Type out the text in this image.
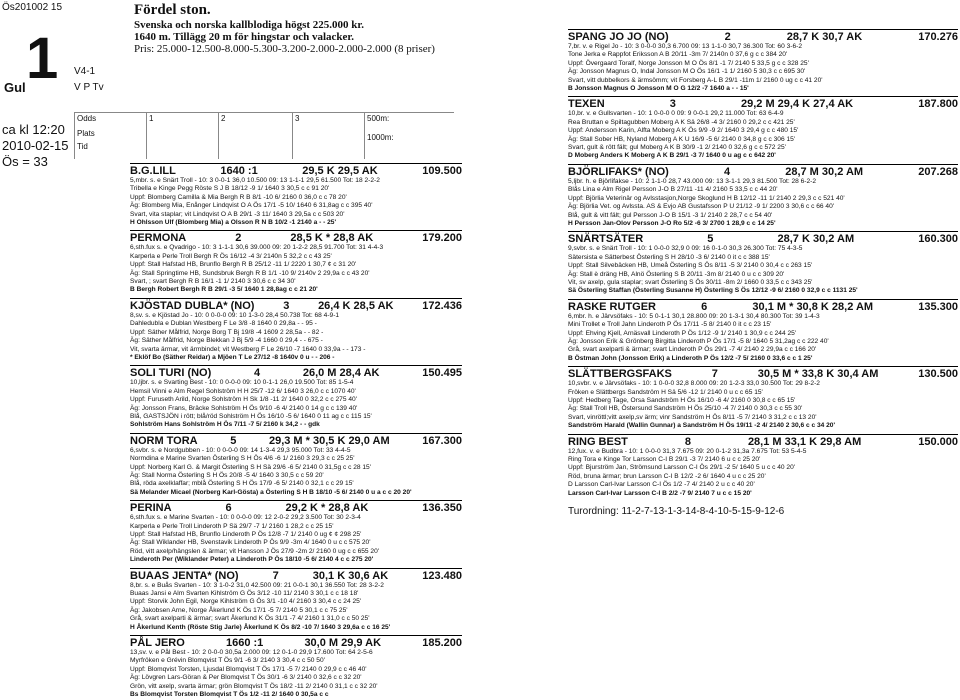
Ös201002 15
1
Gul
V4-1
V P Tv
ca kl 12:20
2010-02-15
Ös = 33
Fördel ston.
Svenska och norska kallblodiga högst 225.000 kr.
1640 m. Tillägg 20 m för hingstar och valacker.
Pris: 25.000-12.500-8.000-5.300-3.200-2.000-2.000-2.000 (8 priser)
Odds
Plats
Tid
1	2	3	500m:
1000m:
B.G.LILL	1640 :1	29,5 K 29,5 AK	109.500
5,mbr. s. e Snärt Troll - 10: 3 0-0-1 36,0 10.500 09: 13 1-1-1 29,5 61.500 Tot: 18 2-2-2
Tribella e Kinge Pegg Röste S J B 18/12 -9 1/ 1640 3 30,5 c c 91 20'
Uppf: Blomberg Camilla & Mia Bergh R B 8/1 -10 6/ 2160 0 36,0 c c 78 20'
Äg: Blomberg Mia, Enånger Lindqvist O A Ös 17/1 -5 10/ 1640 6 31,8ag c c 395 40'
Svart, vita staplar; vit Lindqvist O A B 29/1 -3 11/ 1640 3 29,5a c c 503 20'
H Ohlsson Ulf (Blomberg Mia) a Olsson R N B 10/2 -1 2140 a - - 25'
PERMONA	2	28,5 K * 28,8 AK	179.200
6,sth.fux s. e Qvadrigo - 10: 3 1-1-1 30,6 39.000 09: 20 1-2-2 28,5 91.700 Tot: 31 4-4-3
Karperla e Perle Troll Bergh R Ös 16/12 -4 3/ 2140n 5 32,2 c c 43 25'
Uppf: Stall Hafstad HB, Brunflo Bergh R B 25/12 -11 1/ 2220 1 30,7 ¢ c 31 20'
Äg: Stall Springtime HB, Sundsbruk Bergh R B 1/1 -10 9/ 2140v 2 29,9a c c 43 20'
Svart, ; svart Bergh R B 16/1 -1 1/ 2140 3 30,6 c c 34 30'
B Bergh Robert Bergh R B 29/1 -3 5/ 1640 1 28,8ag c c 21 20'
KJÖSTAD DUBLA* (NO)	3	26,4 K 28,5 AK	172.436
8,sv. s. e Kjöstad Jo - 10: 0 0-0-0 09: 10 1-3-0 28,4 50.738 Tot: 68 4-9-1
Dahledubla e Dublan Westberg F Le 3/8 -8 1640 0 29,8a - - 95 -
Uppf: Säther Målfrid, Norge Borg T Bj 19/8 -4 1609 2 28,5a - - 82 -
Äg: Säther Målfrid, Norge Blekkan J Bj 5/9 -4 1660 0 29,4 - - 675 -
Vit, svarta ärmar, vit ärmbindel; vit Westberg F Le 26/10 -7 1640 0 33,9a - - 173 -
* Eklöf Bo (Säther Reidar) a Mjöen T Le 27/12 -8 1640v 0 u - - 206 -
SOLI TURI (NO)	4	26,0 M 28,4 AK	150.495
10,ljbr. s. e Svarting Best - 10: 0 0-0-0 09: 10 0-1-1 26,0 19.500 Tot: 85 1-5-4
Hemsil Vinni e Alm Regel Sohlström H H 25/7 -12 6/ 1640 3 26,0 c c 1070 40'
Uppf: Furuseth Arild, Norge Sohlström H Sk 1/8 -11 2/ 1640 0 32,2 c c 275 40'
Äg: Jonsson Frans, Bräcke Sohlström H Ös 9/10 -6 4/ 2140 0 14 g c c 139 40'
Blå, GASTSJÖN i rött; blå/röd Sohlström H Ös 16/10 -5 6/ 1640 0 11 ag c c 115 15'
Sohlström Hans Sohlström H Ös 7/11 -7 5/ 2160 k 34,2 - - gdk
NORM TORA	5	29,3 M * 30,5 K 29,0 AM	167.300
6,svbr. s. e Nordgubben - 10: 0 0-0-0 09: 14 1-3-4 29,3 95.000 Tot: 33 4-4-5
Normdina e Marine Svarten Österling S H Ös 4/6 -6 1/ 2160 3 29,3 c c 25 25'
Uppf: Norberg Karl G. & Margit Österling S H Sä 29/6 -6 5/ 2140 0 31,5g c c 28 15'
Äg: Stall Norma Österling S H Ös 20/8 -5 4/ 1640 3 30,5 c c 59 20'
Blå, röda axelklaffar; mblå Österling S H Ös 17/9 -6 5/ 2140 0 32,1 c c 29 15'
Sä Melander Micael (Norberg Karl-Gösta) a Österling S H B 18/10 -5 6/ 2140 0 u a c c 20 20'
PERINA	6	29,2 K * 28,8 AK	136.350
6,sth.fux s. e Marine Svarten - 10: 0 0-0-0 09: 12 2-0-2 29,2 3.500 Tot: 30 2-3-4
Karperla e Perle Troll Linderoth P Sä 29/7 -7 1/ 2160 1 28,2 c c 25 15'
Uppf: Stall Hafstad HB, Brunflo Linderoth P Ös 12/8 -7 1/ 2140 0 ug ¢ ¢ 298 25'
Äg: Stall Wiklander HB, Svenstavik Linderoth P Ös 9/9 -3m 4/ 1640 0 u c c 575 20'
Röd, vitt axelp/hängslen & ärmar; vit Hansson J Ös 27/9 -2m 2/ 2160 0 ug c c 655 20'
Linderoth Per (Wiklander Peter) a Linderoth P Ös 18/10 -5 6/ 2140 4 c c 275 20'
BUAAS JENTA* (NO)	7	30,1 K 30,6 AK	123.480
8,br. s. e Buås Svarten - 10: 3 1-0-2 31,0 42.500 09: 21 0-0-1 30,1 36.550 Tot: 28 3-2-2
Buaas Jansi e Alm Svarten Kihlström G Ös 3/12 -10 11/ 2140 3 30,1 c c 18 18'
Uppf: Storvik John Egil, Norge Kihlström G Ös 3/1 -10 4/ 2160 3 30,4 c c 24 25'
Äg: Jakobsen Arne, Norge Åkerlund K Ös 17/1 -5 7/ 2140 5 30,1 c c 75 25'
Grå, svart axelparti & ärmar; svart Åkerlund K Ös 31/1 -7 4/ 2160 1 31,0 c c 50 25'
H Åkerlund Kenth (Röste Stig Jarle) Åkerlund K Ös 8/2 -10 7/ 1640 3 29,6a c c 16 25'
PÅL JERO	1660 :1	30,0 M 29,9 AK	185.200
13,sv. v. e Pål Best - 10: 2 0-0-0 30,5a 2.000 09: 12 0-1-0 29,9 17.600 Tot: 64 2-5-6
Myrfröken e Grévin Blomqvist T Ös 9/1 -6 3/ 2140 3 30,4 c c 50 50'
Uppf: Blomqvist Torsten, Ljusdal Blomqvist T Ös 17/1 -5 7/ 2140 0 29,9 c c 46 40'
Äg: Lövgren Lars-Göran & Per Blomqvist T Ös 30/1 -6 3/ 2140 0 32,6 c c 32 20'
Grön, vitt axelp, svarta ärmar; grön Blomqvist T Ös 18/2 -11 2/ 2140 0 31,1 c c 32 20'
Bs Blomqvist Torsten Blomqvist T Ös 1/2 -11 2/ 1640 0 30,5a c c
SPANG JO JO (NO)	2	28,7 K 30,7 AK	170.276
7,br. v. e Rigel Jo - 10: 3 0-0-0 30,3 6.700 09: 13 1-1-0 30,7 36.300 Tot: 60 3-6-2
Tone Jerka e Rappfot Eriksson A B 20/11 -3m 7/ 2140n 0 37,6 g c c 384 20'
Uppf: Övergaard Toralf, Norge Jonsson M O Ös 8/1 -1 7/ 2140 5 33,5 g c c 328 25'
Äg: Jonsson Magnus O, Indal Jonsson M O Ös 16/1 -1 1/ 2160 5 30,3 c c 695 30'
Svart, vitt dubbelkors & ärmsömm; vit Forsberg A-L B 29/1 -11m 1/ 2160 0 ug c c 41 20'
B Jonsson Magnus O Jonsson M O G 12/2 -7 1640 a - - 15'
TEXEN	3	29,2 M 29,4 K 27,4 AK	187.800
10,br. v. e Gullsvarten - 10: 1 0-0-0 0 09: 9 0-0-1 29,2 11.000 Tot: 63 6-4-9
Rea Bruttan e Spiltagubben Moberg A K Sä 26/8 -4 3/ 2160 0 29,2 c c 421 25'
Uppf: Andersson Karin, Alfta Moberg A K Ös 9/9 -9 2/ 1640 3 29,4 g c c 480 15'
Äg: Stall Sober HB, Nyland Moberg A K U 16/9 -5 6/ 2140 0 34,8 g c c 306 15'
Svart, gult & rött fält; gul Moberg A K B 30/9 -1 2/ 2140 0 32,6 g c c 572 25'
D Moberg Anders K Moberg A K B 29/1 -3 7/ 1640 0 u ag c c 642 20'
BJÖRLIFAKS* (NO)	4	28,7 M 30,2 AM	207.268
5,ljbr. h. e Björlifakse - 10: 2 1-1-0 28,7 43.000 09: 13 3-1-1 29,3 81.500 Tot: 28 6-2-2
Blås Lina e Alm Rigel Persson J-O B 27/11 -11 4/ 2160 5 33,5 c c 44 20'
Uppf: Björlia Veterinär og Avlsstasjon,Norge Skoglund H B 12/12 -11 1/ 2140 2 29,3 c c 521 40'
Äg: Björlia Vet. og Avlssta. AS & Evjo AB Gustafsson P U 21/12 -9 1/ 2200 3 30,6 c c 66 40'
Blå, gult & vitt fält; gul Persson J-O B 15/1 -3 1/ 2140 2 28,7 c c 54 40'
H Persson Jan-Olov Persson J-O Ro 5/2 -6 3/ 2700 1 28,9 c c 14 25'
SNÄRTSÄTER	5	28,7 K 30,2 AM	160.300
9,svbr. s. e Snärt Troll - 10: 1 0-0-0 32,9 0 09: 16 0-1-0 30,3 26.300 Tot: 75 4-3-5
Sätersista e Sätterbest Österling S H 28/10 -3 6/ 2140 0 it c c 388 15'
Uppf: Stall Silvebäcken HB, Umeå Österling S Ös 8/11 -5 3/ 2140 0 30,4 c c 263 15'
Äg: Stall è dräng HB, Alnö Österling S B 20/11 -3m 8/ 2140 0 u c c 309 20'
Vit, sv axelp, gula staplar; svart Österling S Ös 30/11 -8m 2/ 1660 0 33,5 c c 343 25'
Sä Österling Staffan (Österling Susanne H) Österling S Ös 12/12 -9 6/ 2160 0 32,9 c c 1131 25'
RASKE RUTGER	6	30,1 M * 30,8 K 28,2 AM	135.300
6,mbr. h. e Järvsöfaks - 10: 5 0-1-1 30,1 28.800 09: 20 1-3-1 30,4 80.300 Tot: 39 1-4-3
Mini Trollet e Troll Jahn Linderoth P Ös 17/11 -5 8/ 2140 0 it c c 23 15'
Uppf: Ehving Kjell, Arnäsvall Linderoth P Ös 1/12 -9 1/ 2140 1 30,9 c c 244 25'
Äg: Jonsson Erik & Grönberg Birgitta Linderoth P Ös 17/1 -5 8/ 1640 5 31,2ag c c 222 40'
Grå, svart axelparti & ärmar; svart Linderoth P Ös 29/1 -7 4/ 2140 2 29,9a c c 166 20'
B Östman John (Jonsson Erik) a Linderoth P Ös 12/2 -7 5/ 2160 0 33,6 c c 1 25'
SLÄTTBERGSFAKS	7	30,5 M * 33,8 K 30,4 AM	130.500
10,svbr. v. e Järvsöfaks - 10: 1 0-0-0 32,8 8.000 09: 20 1-2-3 33,0 30.500 Tot: 29 8-2-2
Fröken e Slättbergs Sandström H Sä 5/6 -12 1/ 2140 0 u c c 65 15'
Uppf: Hedberg Tage, Orsa Sandström H Ös 16/10 -6 4/ 2160 0 30,8 c c 65 15'
Äg: Stall Troll HB, Östersund Sandström H Ös 25/10 -4 7/ 2140 0 30,3 c c 55 30'
Svart, vinröttl;vitt axelp,sv ärm; vinr Sandström H Ös 8/11 -5 7/ 2140 3 31,2 c c 13 20'
Sandström Harald (Wallin Gunnar) a Sandström H Ös 19/11 -2 4/ 2140 2 30,6 c c 34 20'
RING BEST	8	28,1 M 33,1 K 29,8 AM	150.000
12,fux. v. e Budbra - 10: 1 0-0-0 31,3 7.675 09: 20 0-1-2 31,3a 7.675 Tot: 53 5-4-5
Ring Tora e Kinge Tor Larsson C-I B 29/1 -3 7/ 2140 6 u c c 25 20'
Uppf: Bjurström Jan, Strömsund Larsson C-I Ös 29/1 -2 5/ 1640 5 u c c 40 20'
Röd, bruna ärmar; brun Larsson C-I B 12/2 -2 6/ 1640 4 u c c 25 20'
D Larsson Carl-Ivar Larsson C-I Ös 1/2 -7 4/ 2140 2 u c c 40 20'
Larsson Carl-Ivar Larsson C-I B 2/2 -7 9/ 2140 7 u c c 15 20'
Turordning: 11-2-7-13-1-3-14-8-4-10-5-15-9-12-6
